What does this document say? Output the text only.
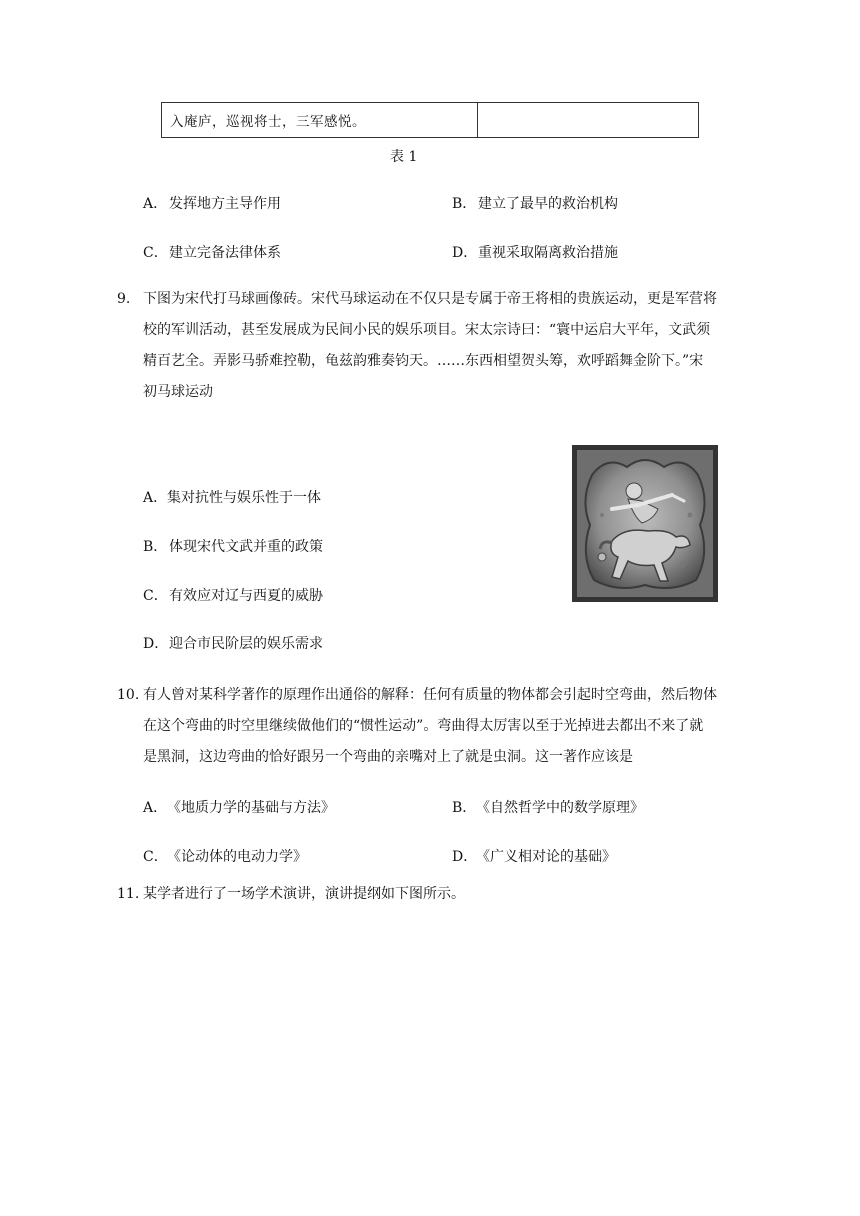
入庵庐，巡视将士，三军感悦。
表 1
A． 发挥地方主导作用	B． 建立了最早的救治机构
C．建立完备法律体系	D．重视采取隔离救治措施
9. 下图为宋代打马球画像砖。宋代马球运动在不仅只是专属于帝王将相的贵族运动，更是军营将
校的军训活动，甚至发展成为民间小民的娱乐项目。宋太宗诗曰：“寰中运启大平年，文武须
精百艺全。弄影马骄难控勒，龟兹韵雅奏钧天。……东西相望贺头筹，欢呼蹈舞金阶下。”宋
初马球运动
A．集对抗性与娱乐性于一体
B． 体现宋代文武并重的政策
C．有效应对辽与西夏的威胁
D．迎合市民阶层的娱乐需求
10. 有人曾对某科学著作的原理作出通俗的解释：任何有质量的物体都会引起时空弯曲，然后物体
在这个弯曲的时空里继续做他们的“惯性运动”。弯曲得太厉害以至于光掉进去都出不来了就
是黑洞，这边弯曲的恰好跟另一个弯曲的亲嘴对上了就是虫洞。这一著作应该是
A．《地质力学的基础与方法》	B．《自然哲学中的数学原理》
C．《论动体的电动力学》	D．《广义相对论的基础》
11. 某学者进行了一场学术演讲，演讲提纲如下图所示。
